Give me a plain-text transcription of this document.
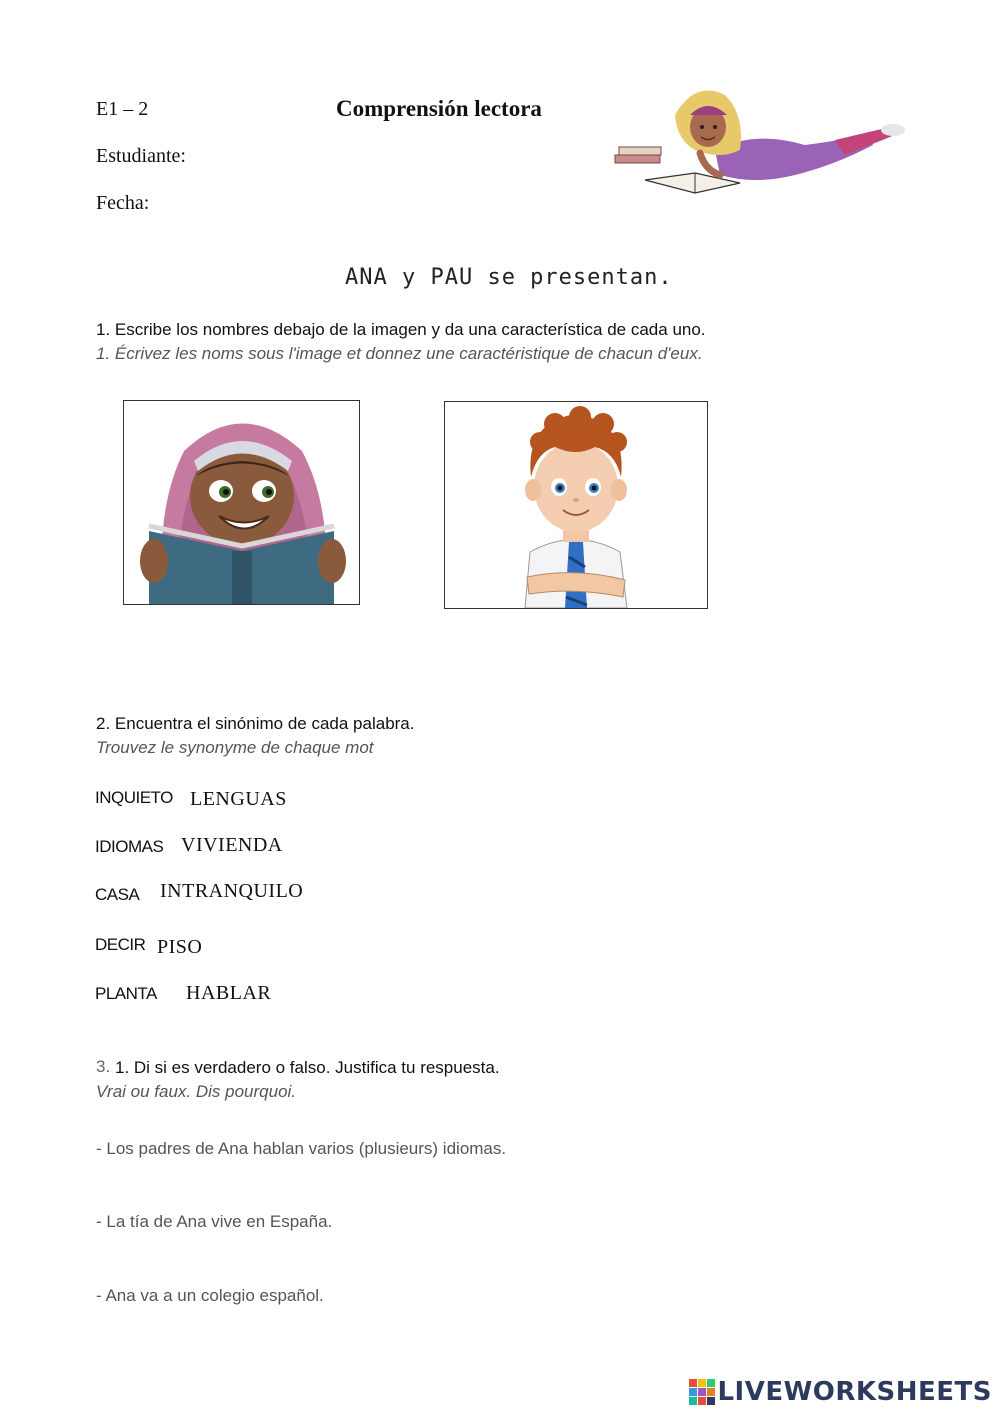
E1 – 2	Comprensión lectora
Estudiante:
Fecha:
ANA y PAU se presentan.
1. Escribe los nombres debajo de la imagen y da una característica de cada uno.
1. Écrivez les noms sous l'image et donnez une caractéristique de chacun d'eux.
2. Encuentra el sinónimo de cada palabra.
Trouvez le synonyme de chaque mot
INQUIETO LENGUAS
IDIOMAS VIVIENDA
CASA INTRANQUILO
DECIR PISO
PLANTA HABLAR
3. 1. Di si es verdadero o falso. Justifica tu respuesta.
Vrai ou faux. Dis pourquoi.
- Los padres de Ana hablan varios (plusieurs) idiomas.
- La tía de Ana vive en España.
- Ana va a un colegio español.
LIVEWORKSHEETS
